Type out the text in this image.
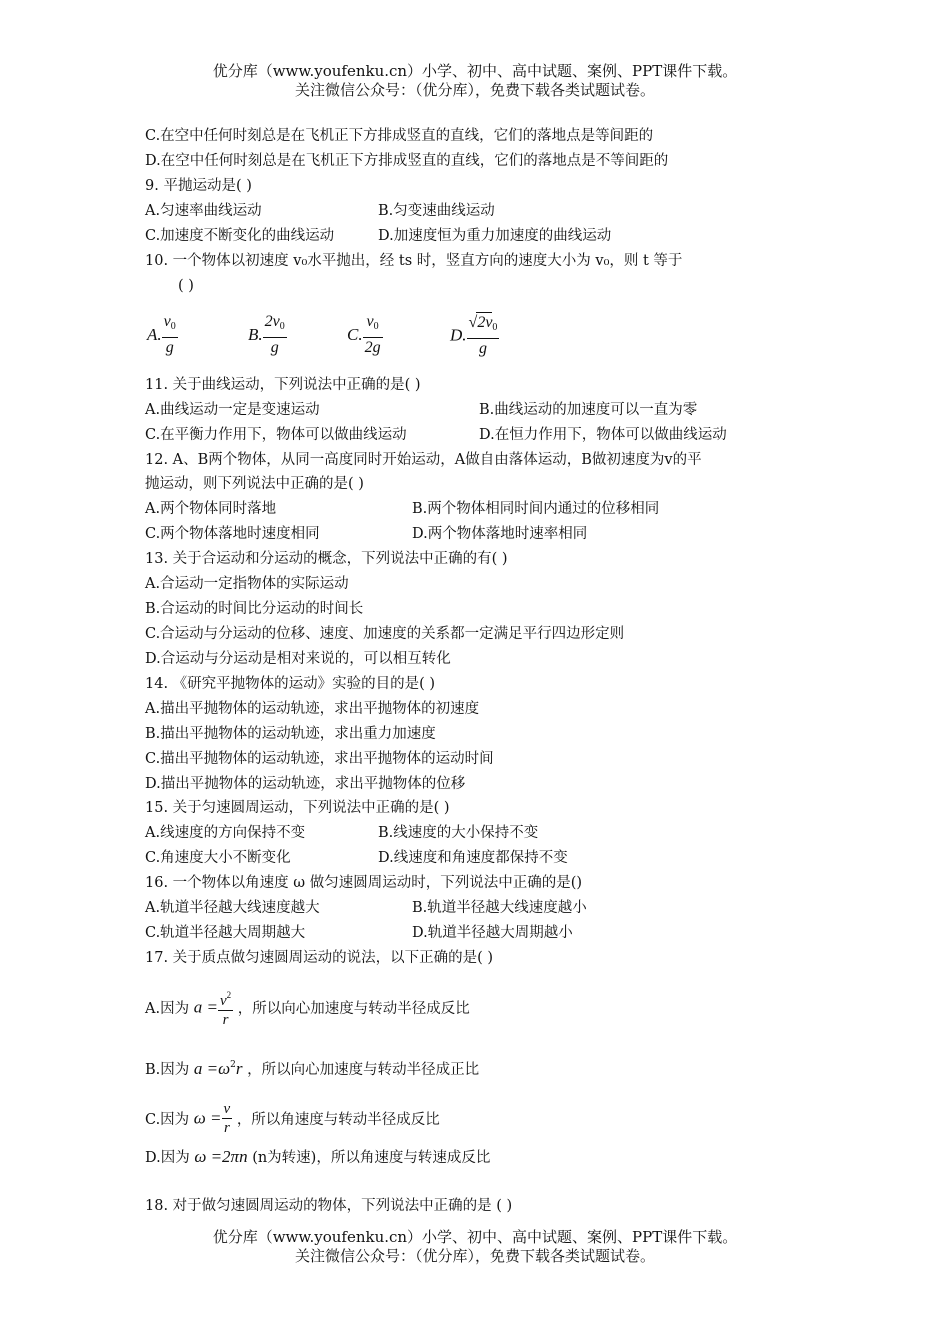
优分库（www.youfenku.cn）小学、初中、高中试题、案例、PPT课件下载。
关注微信公众号：（优分库），免费下载各类试题试卷。
C.在空中任何时刻总是在飞机正下方排成竖直的直线，它们的落地点是等间距的
D.在空中任何时刻总是在飞机正下方排成竖直的直线，它们的落地点是不等间距的
9. 平抛运动是( )
A.匀速率曲线运动	B.匀变速曲线运动
C.加速度不断变化的曲线运动	D.加速度恒为重力加速度的曲线运动
10. 一个物体以初速度 v₀水平抛出，经 ts 时，竖直方向的速度大小为 v₀，则 t 等于
( )
A. $\frac{v_0}{g}$	B. $\frac{2v_0}{g}$	C. $\frac{v_0}{2g}$	D. $\frac{√2v_0}{g}$
11. 关于曲线运动，下列说法中正确的是( )
A.曲线运动一定是变速运动	B.曲线运动的加速度可以一直为零
C.在平衡力作用下，物体可以做曲线运动	D.在恒力作用下，物体可以做曲线运动
12. A、B两个物体，从同一高度同时开始运动，A做自由落体运动，B做初速度为v的平
抛运动，则下列说法中正确的是( )
A.两个物体同时落地	B.两个物体相同时间内通过的位移相同
C.两个物体落地时速度相同	D.两个物体落地时速率相同
13. 关于合运动和分运动的概念，下列说法中正确的有( )
A.合运动一定指物体的实际运动
B.合运动的时间比分运动的时间长
C.合运动与分运动的位移、速度、加速度的关系都一定满足平行四边形定则
D.合运动与分运动是相对来说的，可以相互转化
14. 《研究平抛物体的运动》实验的目的是( )
A.描出平抛物体的运动轨迹，求出平抛物体的初速度
B.描出平抛物体的运动轨迹，求出重力加速度
C.描出平抛物体的运动轨迹，求出平抛物体的运动时间
D.描出平抛物体的运动轨迹，求出平抛物体的位移
15. 关于匀速圆周运动，下列说法中正确的是( )
A.线速度的方向保持不变	B.线速度的大小保持不变
C.角速度大小不断变化	D.线速度和角速度都保持不变
16. 一个物体以角速度 ω 做匀速圆周运动时，下列说法中正确的是()
A.轨道半径越大线速度越大	B.轨道半径越大线速度越小
C.轨道半径越大周期越大	D.轨道半径越大周期越小
17. 关于质点做匀速圆周运动的说法，以下正确的是( )
A.因为 $a = \frac{v^2}{r}$ ，所以向心加速度与转动半径成反比
B.因为 $a =\omega^2r$ ，所以向心加速度与转动半径成正比
C.因为 $\omega = \frac{v}{r}$ ，所以角速度与转动半径成反比
D.因为 ω =2πn (n为转速)，所以角速度与转速成反比
18. 对于做匀速圆周运动的物体，下列说法中正确的是 ( )
优分库（www.youfenku.cn）小学、初中、高中试题、案例、PPT课件下载。
关注微信公众号：（优分库），免费下载各类试题试卷。
